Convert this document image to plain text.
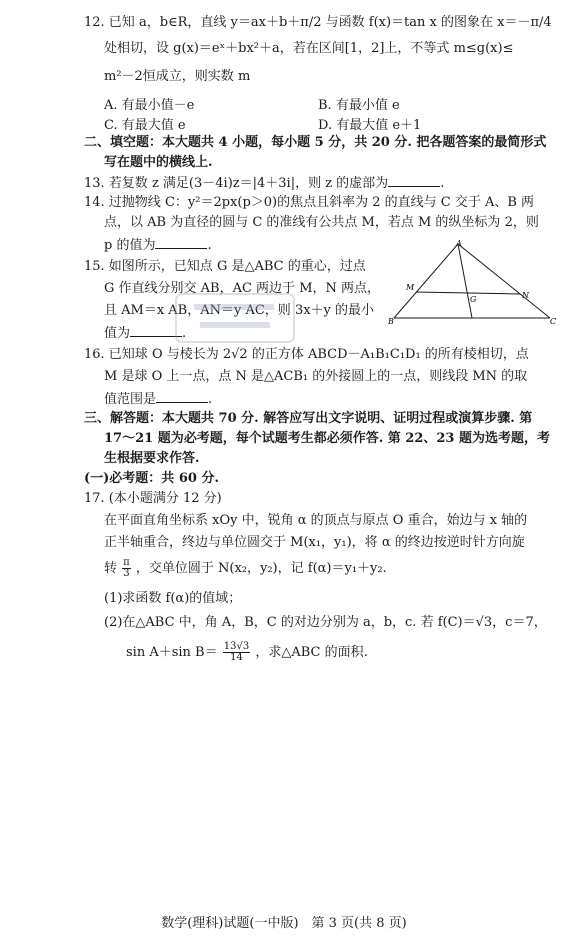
12. 已知 a，b∈R，直线 y＝ax＋b＋π/2 与函数 f(x)＝tan x 的图象在 x＝－π/4
处相切，设 g(x)＝eˣ＋bx²＋a，若在区间[1，2]上，不等式 m≤g(x)≤
m²－2恒成立，则实数 m
A. 有最小值－e	B. 有最小值 e
C. 有最大值 e	D. 有最大值 e＋1
二、填空题：本大题共 4 小题，每小题 5 分，共 20 分. 把各题答案的最简形式
写在题中的横线上.
13. 若复数 z 满足(3－4i)z＝|4＋3i|，则 z 的虚部为	.
14. 过抛物线 C：y²＝2px(p＞0)的焦点且斜率为 2 的直线与 C 交于 A、B 两
点，以 AB 为直径的圆与 C 的准线有公共点 M，若点 M 的纵坐标为 2，则
p 的值为	.
15. 如图所示，已知点 G 是△ABC 的重心，过点
G 作直线分别交 AB，AC 两边于 M，N 两点，
且 AM＝x AB，AN＝y AC，则 3x＋y 的最小
值为	.
A
M
N
G
B	C
16. 已知球 O 与棱长为 2√2 的正方体 ABCD－A₁B₁C₁D₁ 的所有棱相切，点
M 是球 O 上一点，点 N 是△ACB₁ 的外接圆上的一点，则线段 MN 的取
值范围是	.
三、解答题：本大题共 70 分. 解答应写出文字说明、证明过程或演算步骤. 第
17～21 题为必考题，每个试题考生都必须作答. 第 22、23 题为选考题，考
生根据要求作答.
(一)必考题：共 60 分.
17. (本小题满分 12 分)
在平面直角坐标系 xOy 中，锐角 α 的顶点与原点 O 重合，始边与 x 轴的
正半轴重合，终边与单位圆交于 M(x₁，y₁)，将 α 的终边按逆时针方向旋
转 $\frac{\pi}{3}$ ，交单位圆于 N(x₂，y₂)，记 f(α)＝y₁＋y₂.
(1)求函数 f(α)的值域；
(2)在△ABC 中，角 A，B，C 的对边分别为 a，b，c. 若 f(C)＝√3，c＝7，
sin A＋sin $B= \frac{13√3}{14}$ ，求△ABC 的面积.
数学(理科)试题(一中版)　第 3 页(共 8 页)
